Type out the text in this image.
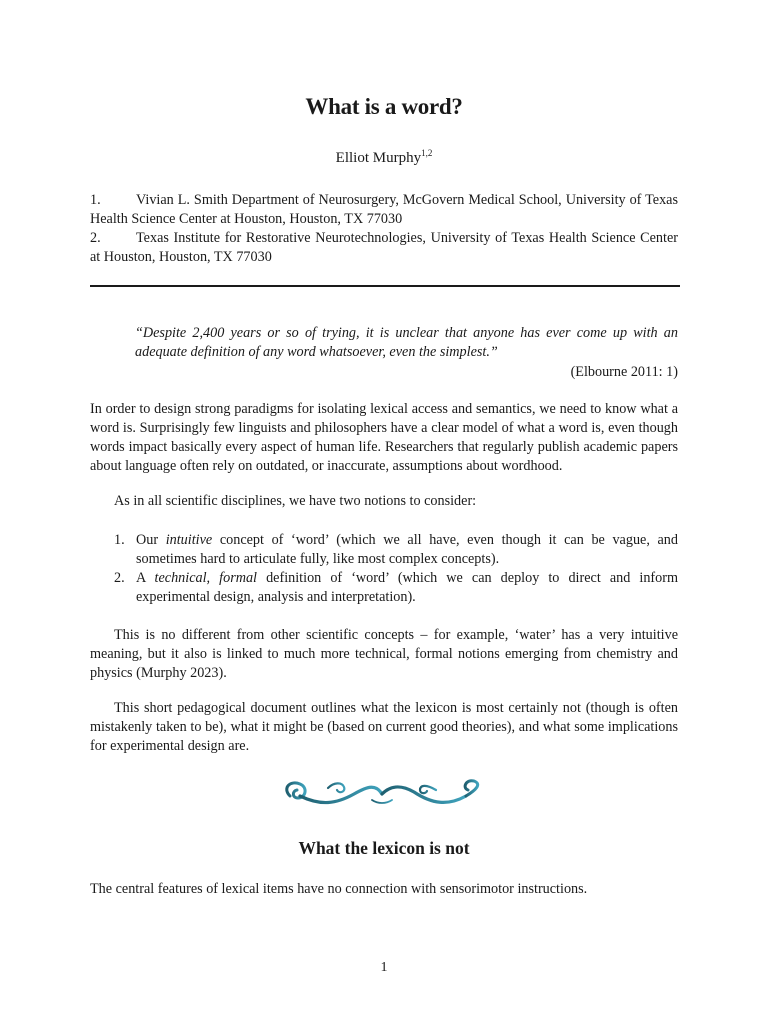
What is a word?
Elliot Murphy$^{1,2}$
1. Vivian L. Smith Department of Neurosurgery, McGovern Medical School, University of Texas Health Science Center at Houston, Houston, TX 77030
2. Texas Institute for Restorative Neurotechnologies, University of Texas Health Science Center at Houston, Houston, TX 77030
“Despite 2,400 years or so of trying, it is unclear that anyone has ever come up with an adequate definition of any word whatsoever, even the simplest.”
(Elbourne 2011: 1)
In order to design strong paradigms for isolating lexical access and semantics, we need to know what a word is. Surprisingly few linguists and philosophers have a clear model of what a word is, even though words impact basically every aspect of human life. Researchers that regularly publish academic papers about language often rely on outdated, or inaccurate, assumptions about wordhood.
As in all scientific disciplines, we have two notions to consider:
1. Our intuitive concept of ‘word’ (which we all have, even though it can be vague, and sometimes hard to articulate fully, like most complex concepts).
2. A technical, formal definition of ‘word’ (which we can deploy to direct and inform experimental design, analysis and interpretation).
This is no different from other scientific concepts – for example, ‘water’ has a very intuitive meaning, but it also is linked to much more technical, formal notions emerging from chemistry and physics (Murphy 2023).
This short pedagogical document outlines what the lexicon is most certainly not (though is often mistakenly taken to be), what it might be (based on current good theories), and what some implications for experimental design are.
What the lexicon is not
The central features of lexical items have no connection with sensorimotor instructions.
1
